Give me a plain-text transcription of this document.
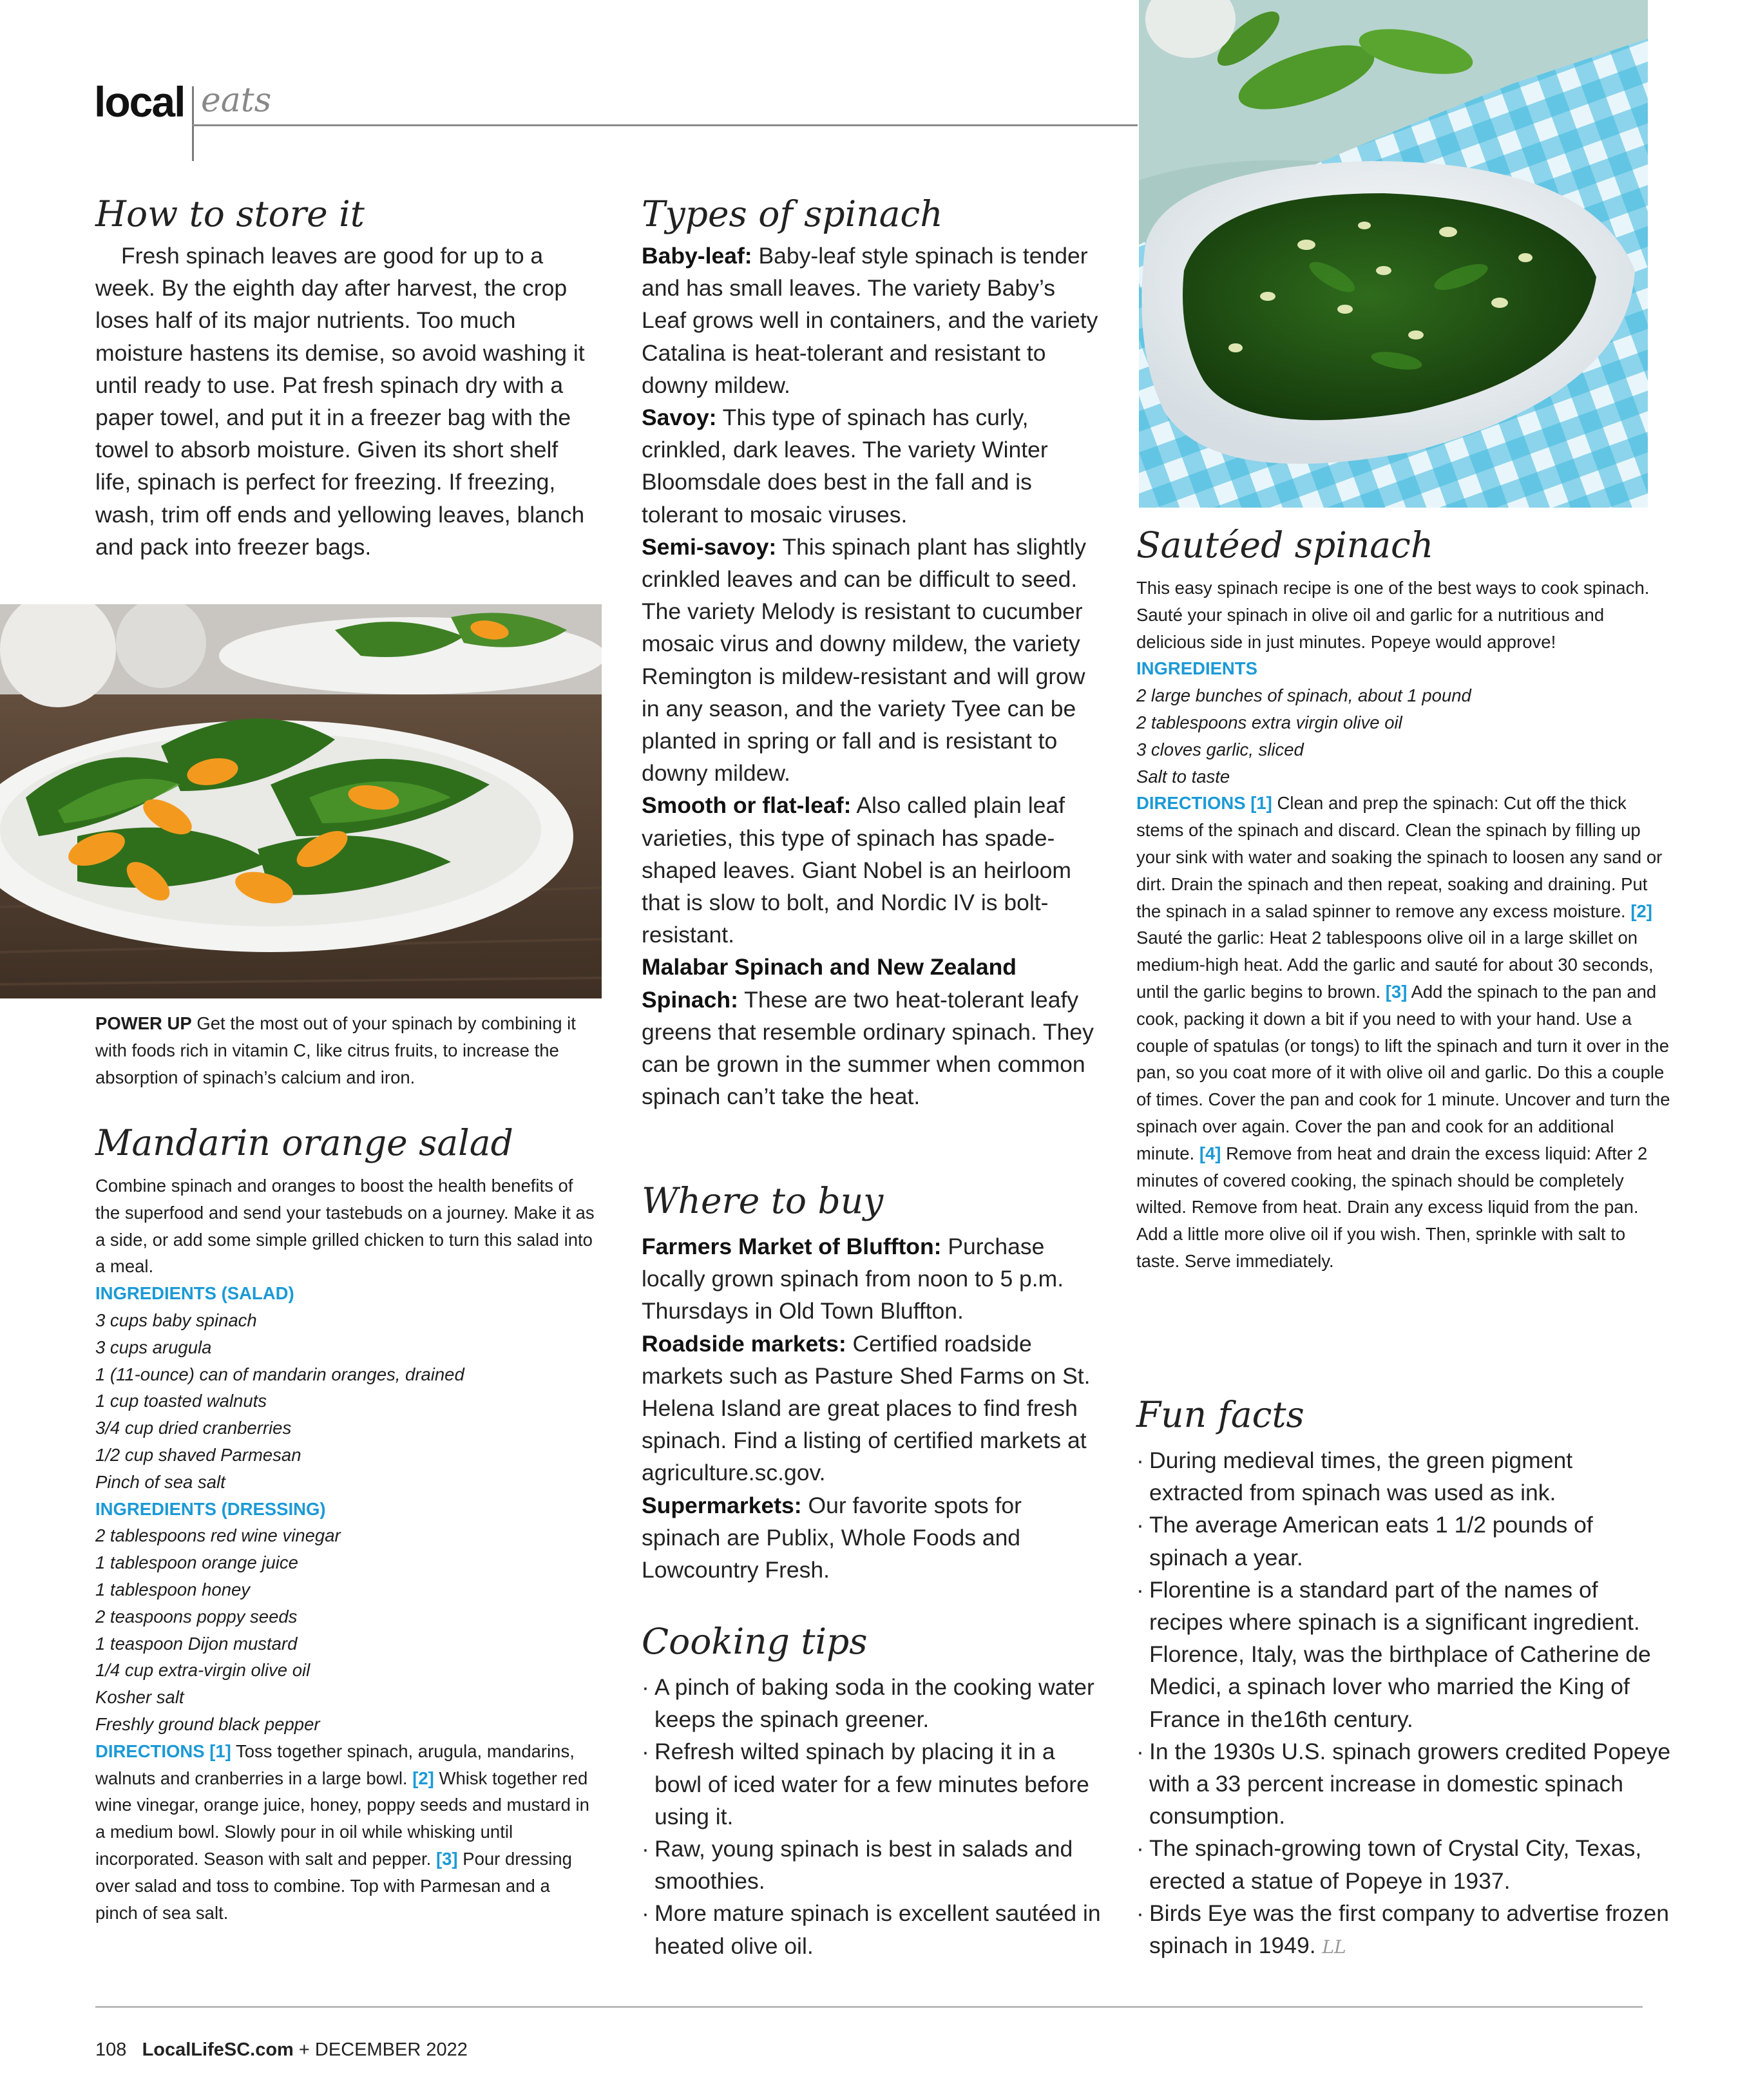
local eats
How to store it

Fresh spinach leaves are good for up to a week. By the eighth day after harvest, the crop loses half of its major nutrients. Too much moisture hastens its demise, so avoid washing it until ready to use. Pat fresh spinach dry with a paper towel, and put it in a freezer bag with the towel to absorb moisture. Given its short shelf life, spinach is perfect for freezing. If freezing, wash, trim off ends and yellowing leaves, blanch and pack into freezer bags.

POWER UP Get the most out of your spinach by combining it with foods rich in vitamin C, like citrus fruits, to increase the absorption of spinach’s calcium and iron.

Mandarin orange salad

Combine spinach and oranges to boost the health benefits of the superfood and send your tastebuds on a journey. Make it as a side, or add some simple grilled chicken to turn this salad into a meal.

INGREDIENTS (SALAD)

3 cups baby spinach
3 cups arugula
1 (11-ounce) can of mandarin oranges, drained
1 cup toasted walnuts
3/4 cup dried cranberries
1/2 cup shaved Parmesan
Pinch of sea salt

INGREDIENTS (DRESSING)

2 tablespoons red wine vinegar
1 tablespoon orange juice
1 tablespoon honey
2 teaspoons poppy seeds
1 teaspoon Dijon mustard
1/4 cup extra-virgin olive oil
Kosher salt
Freshly ground black pepper

DIRECTIONS [1] Toss together spinach, arugula, mandarins, walnuts and cranberries in a large bowl. [2] Whisk together red wine vinegar, orange juice, honey, poppy seeds and mustard in a medium bowl. Slowly pour in oil while whisking until incorporated. Season with salt and pepper. [3] Pour dressing over salad and toss to combine. Top with Parmesan and a pinch of sea salt.

Types of spinach

Baby-leaf: Baby-leaf style spinach is tender and has small leaves. The variety Baby’s Leaf grows well in containers, and the variety Catalina is heat-tolerant and resistant to downy mildew.

Savoy: This type of spinach has curly, crinkled, dark leaves. The variety Winter Bloomsdale does best in the fall and is tolerant to mosaic viruses.

Semi-savoy: This spinach plant has slightly crinkled leaves and can be difficult to seed. The variety Melody is resistant to cucumber mosaic virus and downy mildew, the variety Remington is mildew-resistant and will grow in any season, and the variety Tyee can be planted in spring or fall and is resistant to downy mildew.

Smooth or flat-leaf: Also called plain leaf varieties, this type of spinach has spade-shaped leaves. Giant Nobel is an heirloom that is slow to bolt, and Nordic IV is bolt-resistant.

Malabar Spinach and New Zealand Spinach: These are two heat-tolerant leafy greens that resemble ordinary spinach. They can be grown in the summer when common spinach can’t take the heat.

Where to buy

Farmers Market of Bluffton: Purchase locally grown spinach from noon to 5 p.m. Thursdays in Old Town Bluffton.

Roadside markets: Certified roadside markets such as Pasture Shed Farms on St. Helena Island are great places to find fresh spinach. Find a listing of certified markets at agriculture.sc.gov.

Supermarkets: Our favorite spots for spinach are Publix, Whole Foods and Lowcountry Fresh.

Cooking tips
· A pinch of baking soda in the cooking water keeps the spinach greener.
· Refresh wilted spinach by placing it in a bowl of iced water for a few minutes before using it.
· Raw, young spinach is best in salads and smoothies.
· More mature spinach is excellent sautéed in heated olive oil.
Sautéed spinach

This easy spinach recipe is one of the best ways to cook spinach. Sauté your spinach in olive oil and garlic for a nutritious and delicious side in just minutes. Popeye would approve!

INGREDIENTS

2 large bunches of spinach, about 1 pound
2 tablespoons extra virgin olive oil
3 cloves garlic, sliced
Salt to taste

DIRECTIONS [1] Clean and prep the spinach: Cut off the thick stems of the spinach and discard. Clean the spinach by filling up your sink with water and soaking the spinach to loosen any sand or dirt. Drain the spinach and then repeat, soaking and draining. Put the spinach in a salad spinner to remove any excess moisture. [2] Sauté the garlic: Heat 2 tablespoons olive oil in a large skillet on medium-high heat. Add the garlic and sauté for about 30 seconds, until the garlic begins to brown. [3] Add the spinach to the pan and cook, packing it down a bit if you need to with your hand. Use a couple of spatulas (or tongs) to lift the spinach and turn it over in the pan, so you coat more of it with olive oil and garlic. Do this a couple of times. Cover the pan and cook for 1 minute. Uncover and turn the spinach over again. Cover the pan and cook for an additional minute. [4] Remove from heat and drain the excess liquid: After 2 minutes of covered cooking, the spinach should be completely wilted. Remove from heat. Drain any excess liquid from the pan. Add a little more olive oil if you wish. Then, sprinkle with salt to taste. Serve immediately.

Fun facts
· During medieval times, the green pigment extracted from spinach was used as ink.
· The average American eats 1 1/2 pounds of spinach a year.
· Florentine is a standard part of the names of recipes where spinach is a significant ingredient. Florence, Italy, was the birthplace of Catherine de Medici, a spinach lover who married the King of France in the16th century.
· In the 1930s U.S. spinach growers credited Popeye with a 33 percent increase in domestic spinach consumption.
· The spinach-growing town of Crystal City, Texas, erected a statue of Popeye in 1937.
· Birds Eye was the first company to advertise frozen spinach in 1949. LL
108 LocalLifeSC.com + DECEMBER 2022
